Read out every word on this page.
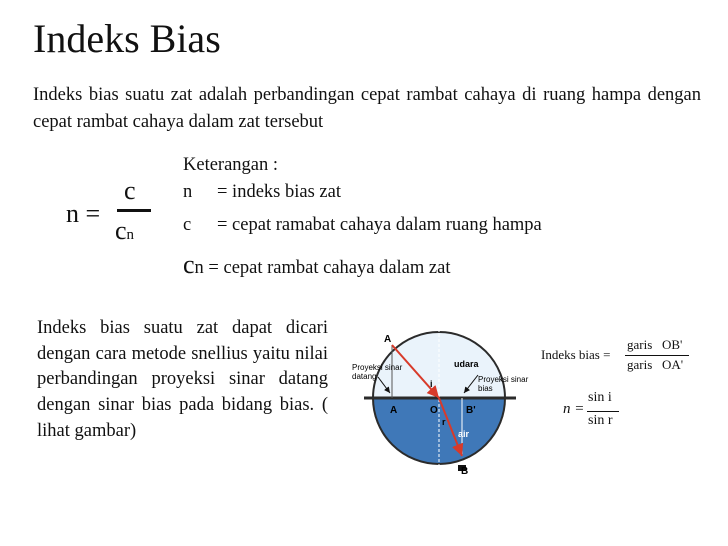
Indeks Bias
Indeks bias suatu zat adalah perbandingan cepat rambat cahaya di ruang hampa dengan cepat rambat cahaya dalam zat tersebut
n =
c
cn
Keterangan :
n = indeks bias zat
c = cepat ramabat cahaya dalam ruang hampa
cn = cepat rambat cahaya dalam zat
Indeks bias suatu zat dapat dicari dengan cara metode snellius yaitu nilai perbandingan proyeksi sinar datang dengan sinar bias pada bidang bias. (
lihat gambar)
A
A	O	B'
B
udara
air
i
r
Proyeksi sinar
datang	Proyeksi sinar
bias
Indeks bias =
garis OB'
garis OA'
n =
sin i
sin r
